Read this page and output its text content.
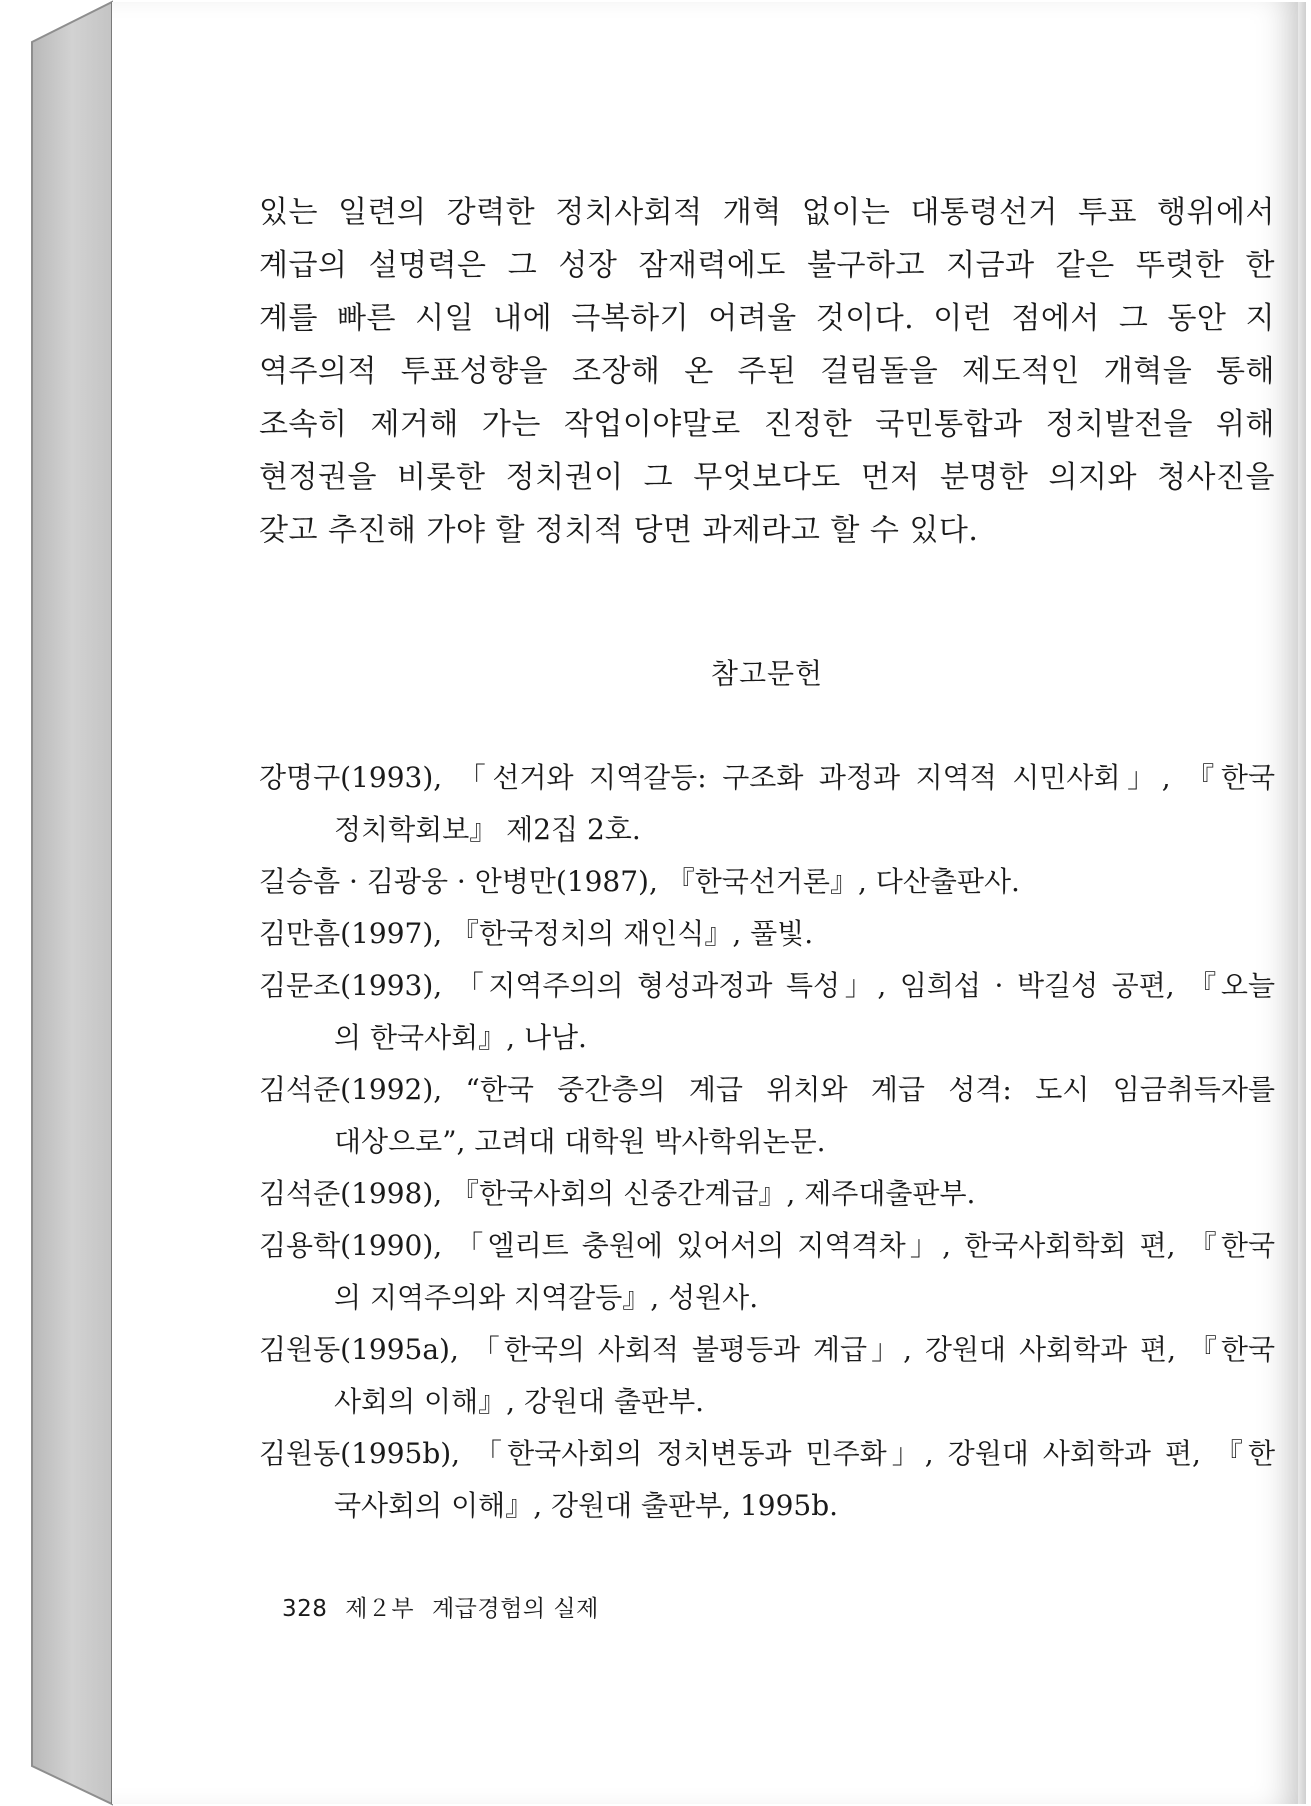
있는 일련의 강력한 정치사회적 개혁 없이는 대통령선거 투표 행위에서
계급의 설명력은 그 성장 잠재력에도 불구하고 지금과 같은 뚜렷한 한
계를 빠른 시일 내에 극복하기 어려울 것이다. 이런 점에서 그 동안 지
역주의적 투표성향을 조장해 온 주된 걸림돌을 제도적인 개혁을 통해
조속히 제거해 가는 작업이야말로 진정한 국민통합과 정치발전을 위해
현정권을 비롯한 정치권이 그 무엇보다도 먼저 분명한 의지와 청사진을
갖고 추진해 가야 할 정치적 당면 과제라고 할 수 있다.

참고문헌
강명구(1993), 「선거와 지역갈등: 구조화 과정과 지역적 시민사회」, 『한국
정치학회보』 제2집 2호.
길승흠 · 김광웅 · 안병만(1987), 『한국선거론』, 다산출판사.
김만흠(1997), 『한국정치의 재인식』, 풀빛.
김문조(1993), 「지역주의의 형성과정과 특성」, 임희섭 · 박길성 공편, 『오늘
의 한국사회』, 나남.
김석준(1992), “한국 중간층의 계급 위치와 계급 성격: 도시 임금취득자를
대상으로”, 고려대 대학원 박사학위논문.
김석준(1998), 『한국사회의 신중간계급』, 제주대출판부.
김용학(1990), 「엘리트 충원에 있어서의 지역격차」, 한국사회학회 편, 『한국
의 지역주의와 지역갈등』, 성원사.
김원동(1995a), 「한국의 사회적 불평등과 계급」, 강원대 사회학과 편, 『한국
사회의 이해』, 강원대 출판부.
김원동(1995b), 「한국사회의 정치변동과 민주화」, 강원대 사회학과 편, 『한
국사회의 이해』, 강원대 출판부, 1995b.
328 제２부 계급경험의 실제
